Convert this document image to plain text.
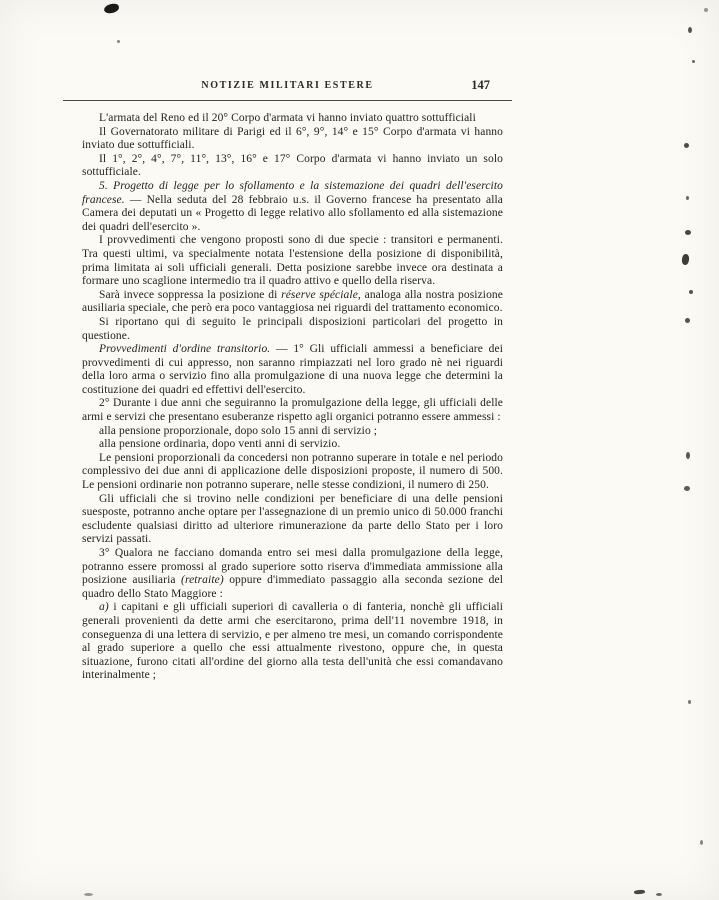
NOTIZIE MILITARI ESTERE	147

L'armata del Reno ed il 20° Corpo d'armata vi hanno inviato quattro sottufficiali

Il Governatorato militare di Parigi ed il 6°, 9°, 14° e 15° Corpo d'armata vi hanno inviato due sottufficiali.

Il 1°, 2°, 4°, 7°, 11°, 13°, 16° e 17° Corpo d'armata vi hanno inviato un solo sottufficiale.

5. Progetto di legge per lo sfollamento e la sistemazione dei quadri dell'esercito francese. — Nella seduta del 28 febbraio u.s. il Governo francese ha presentato alla Camera dei deputati un « Progetto di legge relativo allo sfollamento ed alla sistemazione dei quadri dell'esercito ».

I provvedimenti che vengono proposti sono di due specie : transitori e permanenti. Tra questi ultimi, va specialmente notata l'estensione della posizione di disponibilità, prima limitata ai soli ufficiali generali. Detta posizione sarebbe invece ora destinata a formare uno scaglione intermedio tra il quadro attivo e quello della riserva.

Sarà invece soppressa la posizione di réserve spéciale, analoga alla nostra posizione ausiliaria speciale, che però era poco vantaggiosa nei riguardi del trattamento economico.

Si riportano qui di seguito le principali disposizioni particolari del progetto in questione.

Provvedimenti d'ordine transitorio. — 1° Gli ufficiali ammessi a beneficiare dei provvedimenti di cui appresso, non saranno rimpiazzati nel loro grado nè nei riguardi della loro arma o servizio fino alla promulgazione di una nuova legge che determini la costituzione dei quadri ed effettivi dell'esercito.

2° Durante i due anni che seguiranno la promulgazione della legge, gli ufficiali delle armi e servizi che presentano esuberanze rispetto agli organici potranno essere ammessi :

alla pensione proporzionale, dopo solo 15 anni di servizio ;

alla pensione ordinaria, dopo venti anni di servizio.

Le pensioni proporzionali da concedersi non potranno superare in totale e nel periodo complessivo dei due anni di applicazione delle disposizioni proposte, il numero di 500. Le pensioni ordinarie non potranno superare, nelle stesse condizioni, il numero di 250.

Gli ufficiali che si trovino nelle condizioni per beneficiare di una delle pensioni suesposte, potranno anche optare per l'assegnazione di un premio unico di 50.000 franchi escludente qualsiasi diritto ad ulteriore rimunerazione da parte dello Stato per i loro servizi passati.

3° Qualora ne facciano domanda entro sei mesi dalla promulgazione della legge, potranno essere promossi al grado superiore sotto riserva d'immediata ammissione alla posizione ausiliaria (retraite) oppure d'immediato passaggio alla seconda sezione del quadro dello Stato Maggiore :

a) i capitani e gli ufficiali superiori di cavalleria o di fanteria, nonchè gli ufficiali generali provenienti da dette armi che esercitarono, prima dell'11 novembre 1918, in conseguenza di una lettera di servizio, e per almeno tre mesi, un comando corrispondente al grado superiore a quello che essi attualmente rivestono, oppure che, in questa situazione, furono citati all'ordine del giorno alla testa dell'unità che essi comandavano interinalmente ;
